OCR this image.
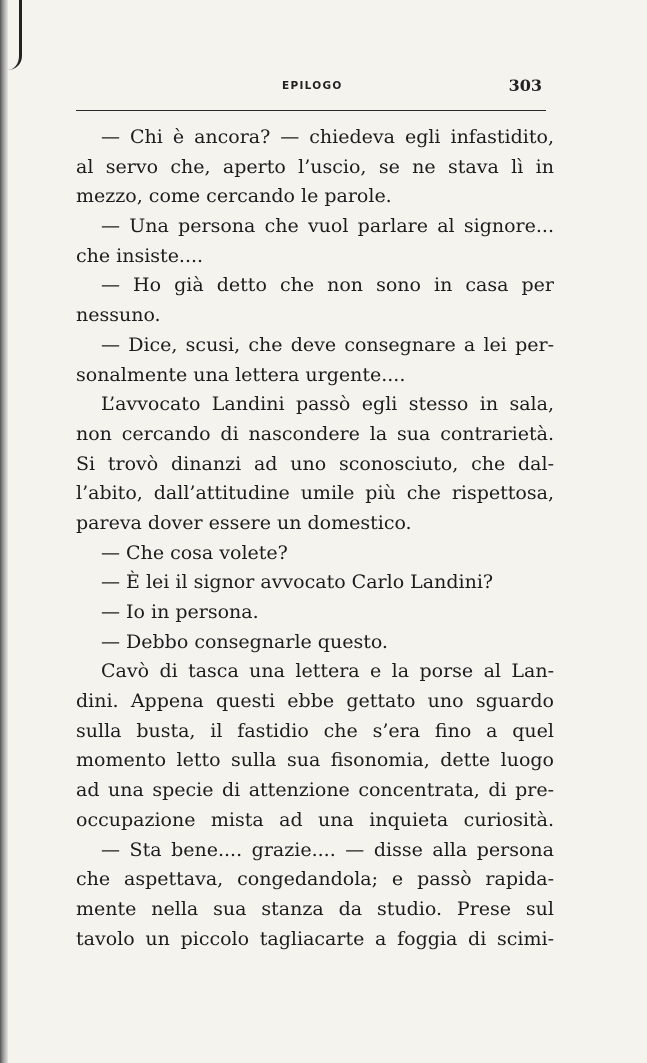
EPILOGO	303
— Chi è ancora? — chiedeva egli infastidito,
al servo che, aperto l’uscio, se ne stava lì in
mezzo, come cercando le parole.
— Una persona che vuol parlare al signore...
che insiste....
— Ho già detto che non sono in casa per
nessuno.
— Dice, scusi, che deve consegnare a lei per-
sonalmente una lettera urgente....
L’avvocato Landini passò egli stesso in sala,
non cercando di nascondere la sua contrarietà.
Si trovò dinanzi ad uno sconosciuto, che dal-
l’abito, dall’attitudine umile più che rispettosa,
pareva dover essere un domestico.
— Che cosa volete?
— È lei il signor avvocato Carlo Landini?
— Io in persona.
— Debbo consegnarle questo.
Cavò di tasca una lettera e la porse al Lan-
dini. Appena questi ebbe gettato uno sguardo
sulla busta, il fastidio che s’era fino a quel
momento letto sulla sua fisonomia, dette luogo
ad una specie di attenzione concentrata, di pre-
occupazione mista ad una inquieta curiosità.
— Sta bene.... grazie.... — disse alla persona
che aspettava, congedandola; e passò rapida-
mente nella sua stanza da studio. Prese sul
tavolo un piccolo tagliacarte a foggia di scimi-
